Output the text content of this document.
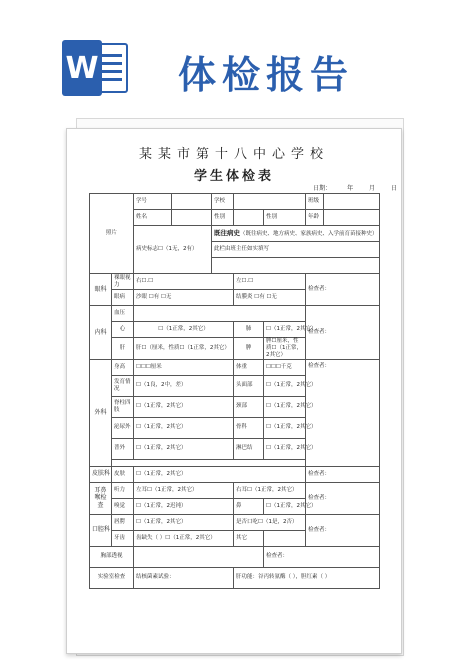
W 体检报告
某某市第十八中心学校
学生体检表
日期：	年	月	日
照片		学号		学校			班级	
		姓名		性别		性别	年龄	
		病史标志☐（1无，2有）		既往病史（既往病史、地方病史、家族病史、入学前育苗接种史）				
				此栏由班主任如实填写				

眼科	裸眼视力	右☐.☐			左☐.☐		检查者：	
	眼病	沙眼 ☐有 ☐无			结膜炎 ☐有 ☐无			
内科	血压						检查者：	
	心	☐（1正常，2其它）			肺	☐（1正常，2其它）		
	肝	肝☐（厘米，性质☐（1正常，2其它）			脾	脾☐厘米，性质☐（1正常，2其它）		
外科	身高	☐☐☐厘米			体重	☐☐☐千克	检查者：	
	发育情况	☐（1良，2中，差）			头面部	☐（1正常，2其它）		
	脊柱四肢	☐（1正常，2其它）			颈部	☐（1正常，2其它）		
	泌尿外	☐（1正常，2其它）			骨科	☐（1正常，2其它）		
	普外	☐（1正常，2其它）			淋巴结	☐（1正常，2其它）		

皮肤科	皮肤	☐（1正常，2其它）					检查者：	
耳鼻喉检查	听力	左耳☐（1正常，2其它）			右耳☐（1正常，2其它）		检查者：	
	嗅觉	☐（1正常，2迟钝）			鼻	☐（1正常，2其它）		
口腔科	唇腭	☐（1正常，2其它）			是否口吃☐（1是，2否）		检查者：	
	牙齿	齿缺失（ ）☐（1正常，2其它）			其它			
胸部透视						检查者：		
实验室检查		结核菌素试验：			肝功能：谷丙转氨酶（ ），胆红素（ ）			
